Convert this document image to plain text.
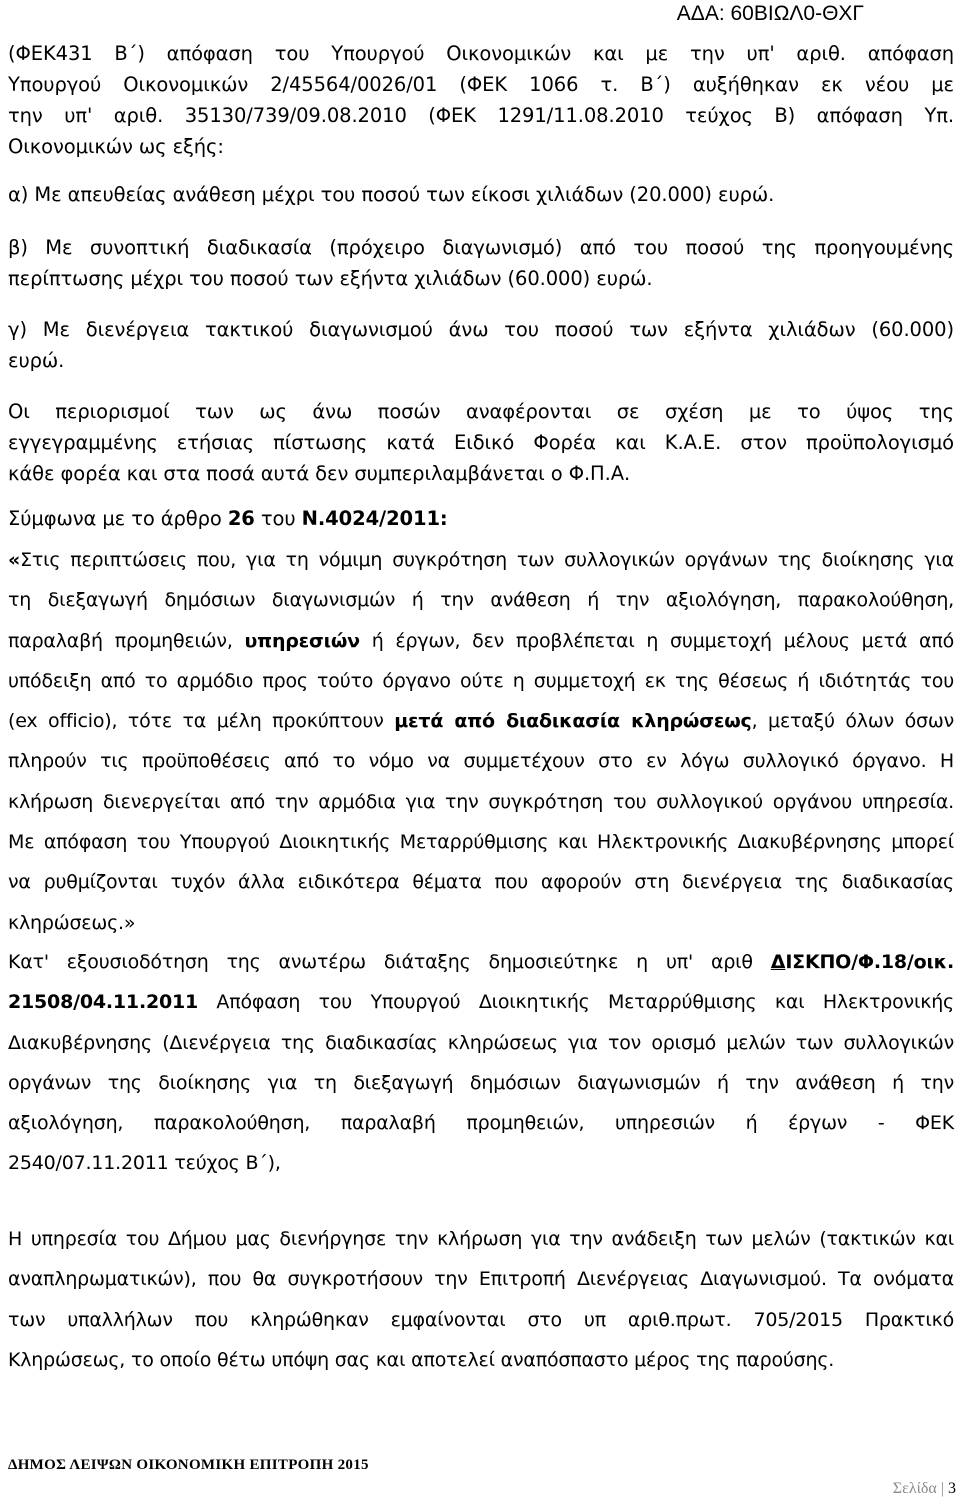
ΑΔΑ: 60ΒΙΩΛ0-ΘΧΓ
(ΦΕΚ431 Β΄) απόφαση του Υπουργού Οικονομικών και με την υπ' αριθ. απόφαση
Υπουργού Οικονομικών 2/45564/0026/01 (ΦΕΚ 1066 τ. Β΄) αυξήθηκαν εκ νέου με
την υπ' αριθ. 35130/739/09.08.2010 (ΦΕΚ 1291/11.08.2010 τεύχος Β) απόφαση Υπ.
Οικονομικών ως εξής:
α) Με απευθείας ανάθεση μέχρι του ποσού των είκοσι χιλιάδων (20.000) ευρώ.
β) Με συνοπτική διαδικασία (πρόχειρο διαγωνισμό) από του ποσού της προηγουμένης
περίπτωσης μέχρι του ποσού των εξήντα χιλιάδων (60.000) ευρώ.
γ) Με διενέργεια τακτικού διαγωνισμού άνω του ποσού των εξήντα χιλιάδων (60.000)
ευρώ.
Οι περιορισμοί των ως άνω ποσών αναφέρονται σε σχέση με το ύψος της
εγγεγραμμένης ετήσιας πίστωσης κατά Ειδικό Φορέα και Κ.Α.Ε. στον προϋπολογισμό
κάθε φορέα και στα ποσά αυτά δεν συμπεριλαμβάνεται ο Φ.Π.Α.
Σύμφωνα με το άρθρο 26 του Ν.4024/2011:
«Στις περιπτώσεις που, για τη νόμιμη συγκρότηση των συλλογικών οργάνων της διοίκησης για
τη διεξαγωγή δημόσιων διαγωνισμών ή την ανάθεση ή την αξιολόγηση, παρακολούθηση,
παραλαβή προμηθειών, υπηρεσιών ή έργων, δεν προβλέπεται η συμμετοχή μέλους μετά από
υπόδειξη από το αρμόδιο προς τούτο όργανο ούτε η συμμετοχή εκ της θέσεως ή ιδιότητάς του
(ex officio), τότε τα μέλη προκύπτουν μετά από διαδικασία κληρώσεως, μεταξύ όλων όσων
πληρούν τις προϋποθέσεις από το νόμο να συμμετέχουν στο εν λόγω συλλογικό όργανο. Η
κλήρωση διενεργείται από την αρμόδια για την συγκρότηση του συλλογικού οργάνου υπηρεσία.
Με απόφαση του Υπουργού Διοικητικής Μεταρρύθμισης και Ηλεκτρονικής Διακυβέρνησης μπορεί
να ρυθμίζονται τυχόν άλλα ειδικότερα θέματα που αφορούν στη διενέργεια της διαδικασίας
κληρώσεως.»
Κατ' εξουσιοδότηση της ανωτέρω διάταξης δημοσιεύτηκε η υπ' αριθ ΔΙΣΚΠΟ/Φ.18/οικ.
21508/04.11.2011 Απόφαση του Υπουργού Διοικητικής Μεταρρύθμισης και Ηλεκτρονικής
Διακυβέρνησης (Διενέργεια της διαδικασίας κληρώσεως για τον ορισμό μελών των συλλογικών
οργάνων της διοίκησης για τη διεξαγωγή δημόσιων διαγωνισμών ή την ανάθεση ή την
αξιολόγηση, παρακολούθηση, παραλαβή προμηθειών, υπηρεσιών ή έργων - ΦΕΚ
2540/07.11.2011 τεύχος Β΄),
Η υπηρεσία του Δήμου μας διενήργησε την κλήρωση για την ανάδειξη των μελών (τακτικών και
αναπληρωματικών), που θα συγκροτήσουν την Επιτροπή Διενέργειας Διαγωνισμού. Τα ονόματα
των υπαλλήλων που κληρώθηκαν εμφαίνονται στο υπ αριθ.πρωτ. 705/2015 Πρακτικό
Κληρώσεως, το οποίο θέτω υπόψη σας και αποτελεί αναπόσπαστο μέρος της παρούσης.
ΔΗΜΟΣ ΛΕΙΨΩΝ ΟΙΚΟΝΟΜΙΚΗ ΕΠΙΤΡΟΠΗ 2015
Σελίδα | 3
